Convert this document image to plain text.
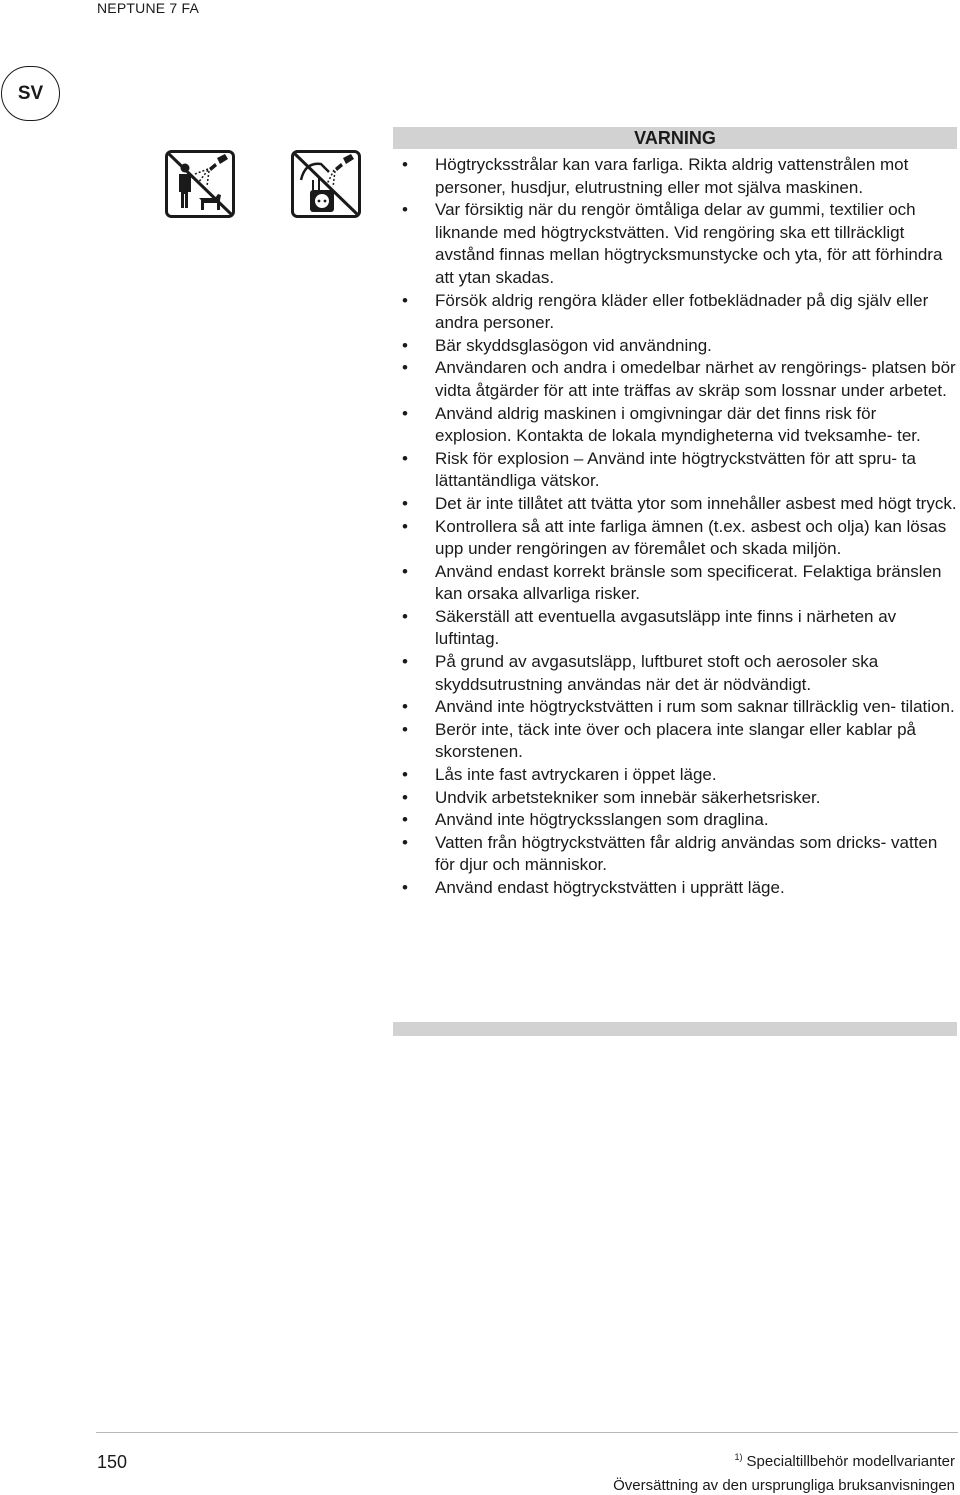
NEPTUNE 7 FA
SV
VARNING
• Högtrycksstrålar kan vara farliga. Rikta aldrig vattenstrålen mot personer, husdjur, elutrustning eller mot själva maskinen.
• Var försiktig när du rengör ömtåliga delar av gummi, textilier och liknande med högtryckstvätten. Vid rengöring ska ett tillräckligt avstånd finnas mellan högtrycksmunstycke och yta, för att förhindra att ytan skadas.
• Försök aldrig rengöra kläder eller fotbeklädnader på dig själv eller andra personer.
• Bär skyddsglasögon vid användning.
• Användaren och andra i omedelbar närhet av rengörings- platsen bör vidta åtgärder för att inte träffas av skräp som lossnar under arbetet.
• Använd aldrig maskinen i omgivningar där det finns risk för explosion. Kontakta de lokala myndigheterna vid tveksamhe- ter.
• Risk för explosion – Använd inte högtryckstvätten för att spru- ta lättantändliga vätskor.
• Det är inte tillåtet att tvätta ytor som innehåller asbest med högt tryck.
• Kontrollera så att inte farliga ämnen (t.ex. asbest och olja) kan lösas upp under rengöringen av föremålet och skada miljön.
• Använd endast korrekt bränsle som specificerat. Felaktiga bränslen kan orsaka allvarliga risker.
• Säkerställ att eventuella avgasutsläpp inte finns i närheten av luftintag.
• På grund av avgasutsläpp, luftburet stoft och aerosoler ska skyddsutrustning användas när det är nödvändigt.
• Använd inte högtryckstvätten i rum som saknar tillräcklig ven- tilation.
• Berör inte, täck inte över och placera inte slangar eller kablar på skorstenen.
• Lås inte fast avtryckaren i öppet läge.
• Undvik arbetstekniker som innebär säkerhetsrisker.
• Använd inte högtrycksslangen som draglina.
• Vatten från högtryckstvätten får aldrig användas som dricks- vatten för djur och människor.
• Använd endast högtryckstvätten i upprätt läge.
150	$^{1)}$ Specialtillbehör modellvarianter
Översättning av den ursprungliga bruksanvisningen
